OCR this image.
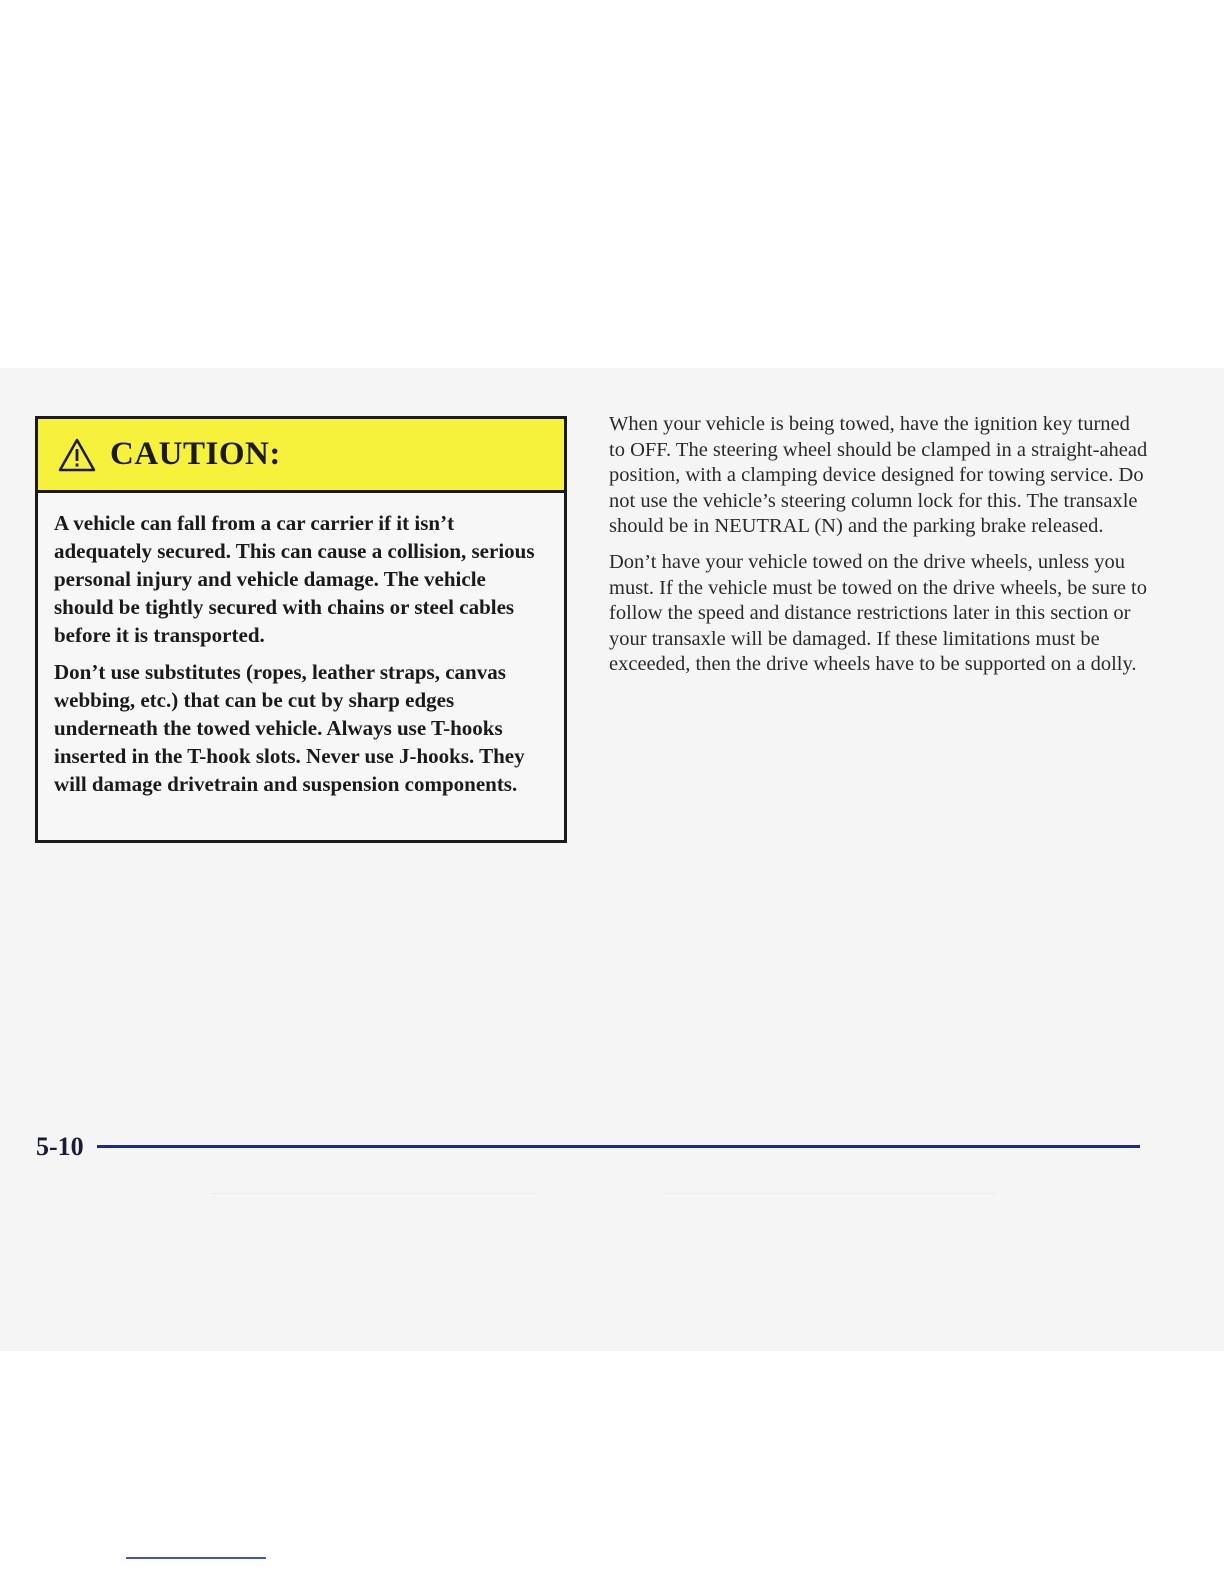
CAUTION:

A vehicle can fall from a car carrier if it isn’t adequately secured. This can cause a collision, serious personal injury and vehicle damage. The vehicle should be tightly secured with chains or steel cables before it is transported.

Don’t use substitutes (ropes, leather straps, canvas webbing, etc.) that can be cut by sharp edges underneath the towed vehicle. Always use T-hooks inserted in the T-hook slots. Never use J-hooks. They will damage drivetrain and suspension components.

When your vehicle is being towed, have the ignition key turned to OFF. The steering wheel should be clamped in a straight-ahead position, with a clamping device designed for towing service. Do not use the vehicle’s steering column lock for this. The transaxle should be in NEUTRAL (N) and the parking brake released.

Don’t have your vehicle towed on the drive wheels, unless you must. If the vehicle must be towed on the drive wheels, be sure to follow the speed and distance restrictions later in this section or your transaxle will be damaged. If these limitations must be exceeded, then the drive wheels have to be supported on a dolly.

5-10
